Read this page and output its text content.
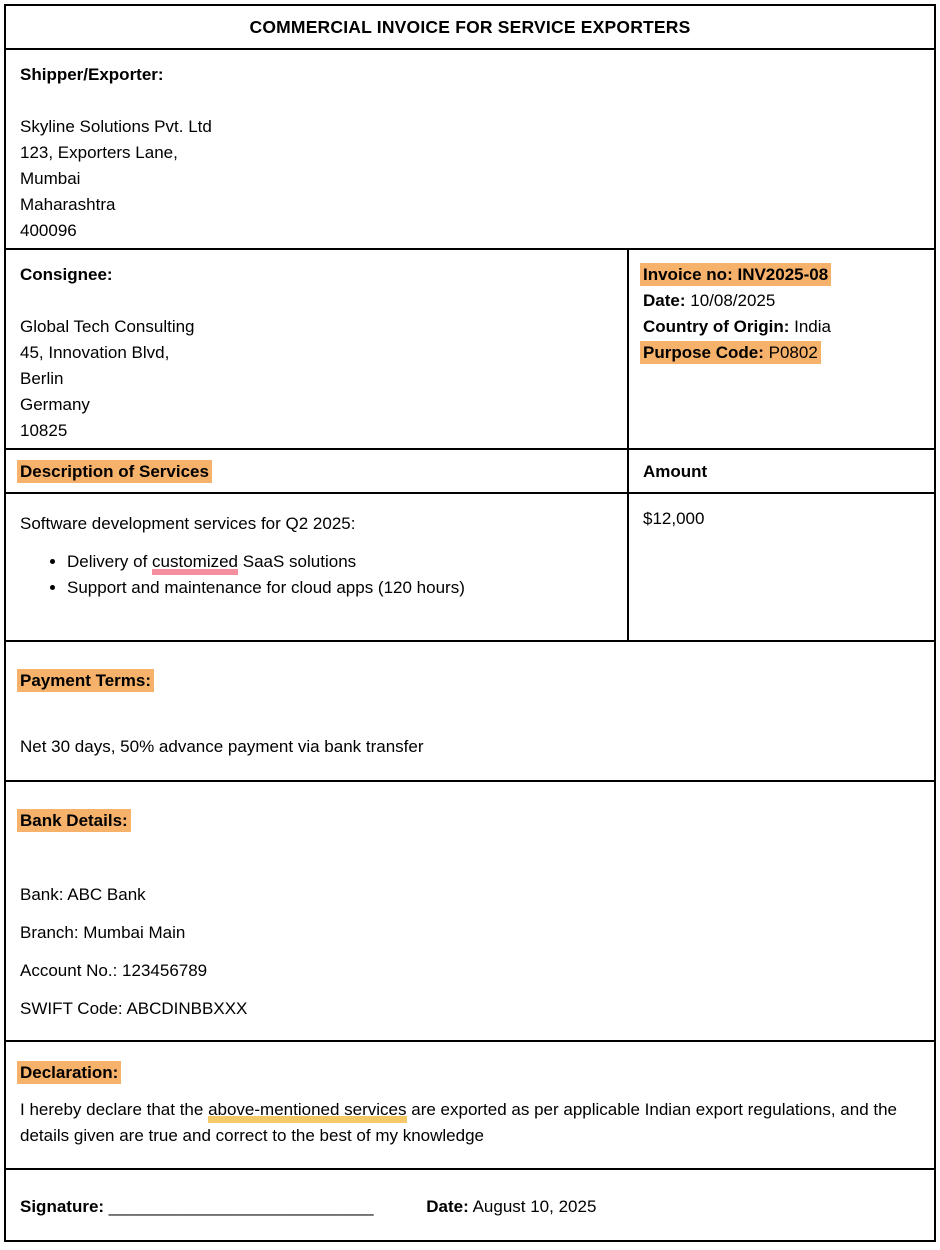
COMMERCIAL INVOICE FOR SERVICE EXPORTERS
Shipper/Exporter:
Skyline Solutions Pvt. Ltd
123, Exporters Lane,
Mumbai
Maharashtra
400096
Consignee:
Global Tech Consulting
45, Innovation Blvd,
Berlin
Germany
10825
Invoice no: INV2025-08
Date: 10/08/2025
Country of Origin: India
Purpose Code: P0802
Description of Services	Amount
Software development services for Q2 2025:
• Delivery of customized SaaS solutions
• Support and maintenance for cloud apps (120 hours)
$12,000
Payment Terms:
Net 30 days, 50% advance payment via bank transfer
Bank Details:

Bank: ABC Bank

Branch: Mumbai Main

Account No.: 123456789

SWIFT Code: ABCDINBBXXX

Declaration:
I hereby declare that the above-mentioned services are exported as per applicable Indian export regulations, and the details given are true and correct to the best of my knowledge
Signature: ____________________________	Date: August 10, 2025
